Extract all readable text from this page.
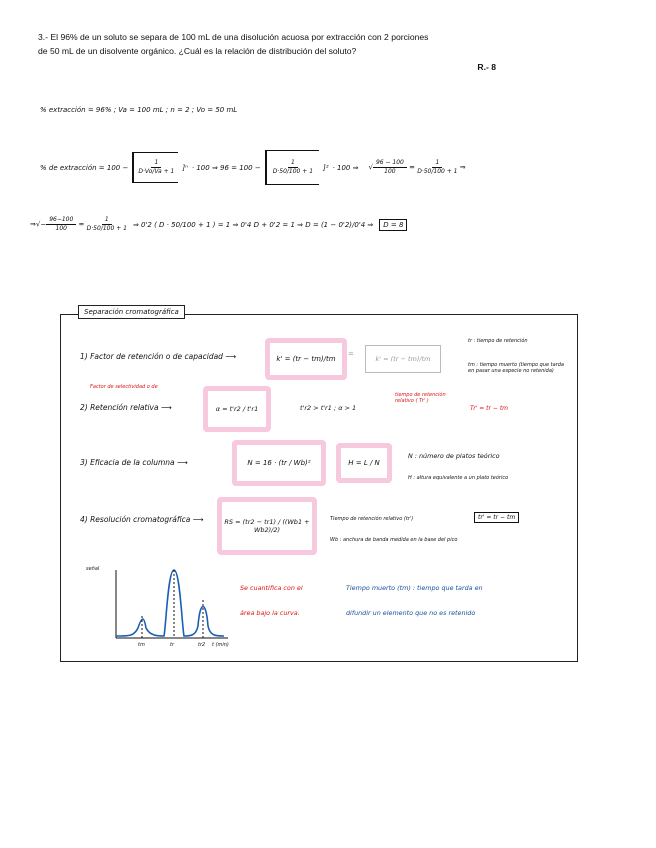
3.- El 96% de un soluto se separa de 100 mL de una disolución acuosa por extracción con 2 porciones
de 50 mL de un disolvente orgánico. ¿Cuál es la relación de distribución del soluto?
R.- 8
% extracción = 96% ; Va = 100 mL ; n = 2 ; Vo = 50 mL
% de extracción = $100 - \frac{1}{D\cdot Vo/Va + 1} ]^n \cdot 100$ ⇒ $96 = 100 - \frac{1}{D\cdot 50/100 + 1} ]^2 \cdot 100$ ⇒ √ $\frac{96 - 100}{100} = \frac{1}{D\cdot 50/100 + 1}$ ⇒
⇒√− $\frac{96-100}{100} = \frac{1}{D\cdot 50/100 + 1}$ ⇒ 0'2 ( D · 50/100 + 1 ) = 1 ⇒ 0'4 D + 0'2 = 1 ⇒ D = (1 − 0'2)/0'4 ⇒	D = 8
Separación cromatográfica
1) Factor de retención o de capacidad ⟶	k' = (tr − tm)/tm
=
k' = (tr − tm)/tm
tr : tiempo de retención
tm : tiempo muerto (tiempo que tarda en pasar una especie no retenida)
Factor de selectividad o de
2) Retención relativa ⟶	α = t'r2 / t'r1	t'r2 > t'r1 ; α > 1
tiempo de retención relativo ( Tr' )
Tr' = tr − tm
3) Eficacia de la columna ⟶	N = 16 · (tr / Wb)²	H = L / N
N : número de platos teórico
H : altura equivalente a un plato teórico
4) Resolución cromatográfica ⟶	RS = (tr2 − tr1) / ((Wb1 + Wb2)/2)
Tiempo de retención relativo (tr')	tr' = tr − tm
Wb : anchura de banda medida en la base del pico
señal
tm	tr	tr2 t (min)
Se cuantifica con el
área bajo la curva.
Tiempo muerto (tm) : tiempo que tarda en
difundir un elemento que no es retenido
